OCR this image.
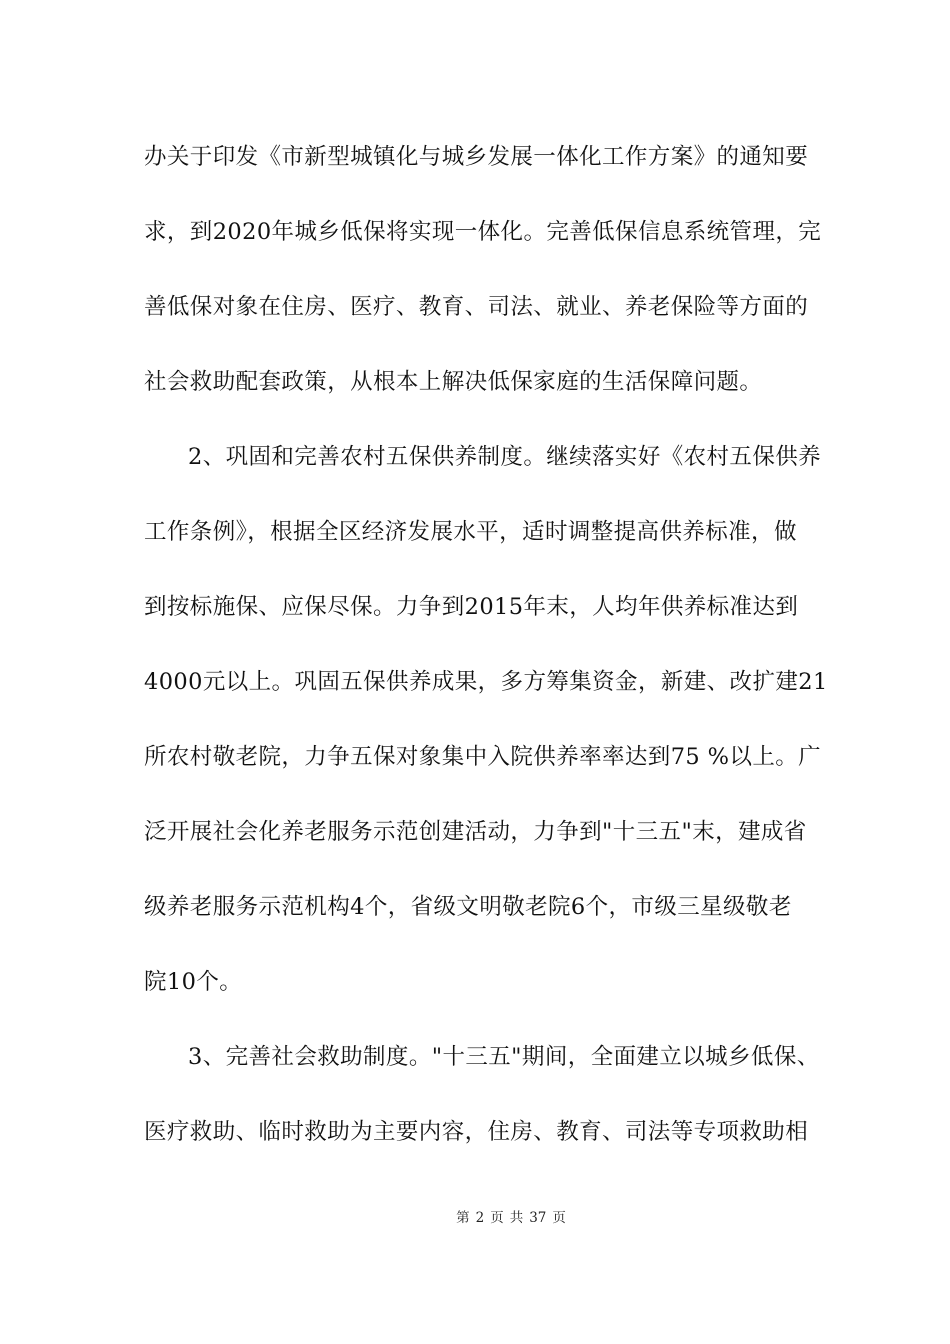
办关于印发《市新型城镇化与城乡发展一体化工作方案》的通知要
求，到2020年城乡低保将实现一体化。完善低保信息系统管理，完
善低保对象在住房、医疗、教育、司法、就业、养老保险等方面的
社会救助配套政策，从根本上解决低保家庭的生活保障问题。
2、巩固和完善农村五保供养制度。继续落实好《农村五保供养
工作条例》，根据全区经济发展水平，适时调整提高供养标准，做
到按标施保、应保尽保。力争到2015年末，人均年供养标准达到
4000元以上。巩固五保供养成果，多方筹集资金，新建、改扩建21
所农村敬老院，力争五保对象集中入院供养率率达到75 %以上。广
泛开展社会化养老服务示范创建活动，力争到"十三五"末，建成省
级养老服务示范机构4个，省级文明敬老院6个，市级三星级敬老
院10个。
3、完善社会救助制度。"十三五"期间，全面建立以城乡低保、
医疗救助、临时救助为主要内容，住房、教育、司法等专项救助相
第 2 页 共 37 页
